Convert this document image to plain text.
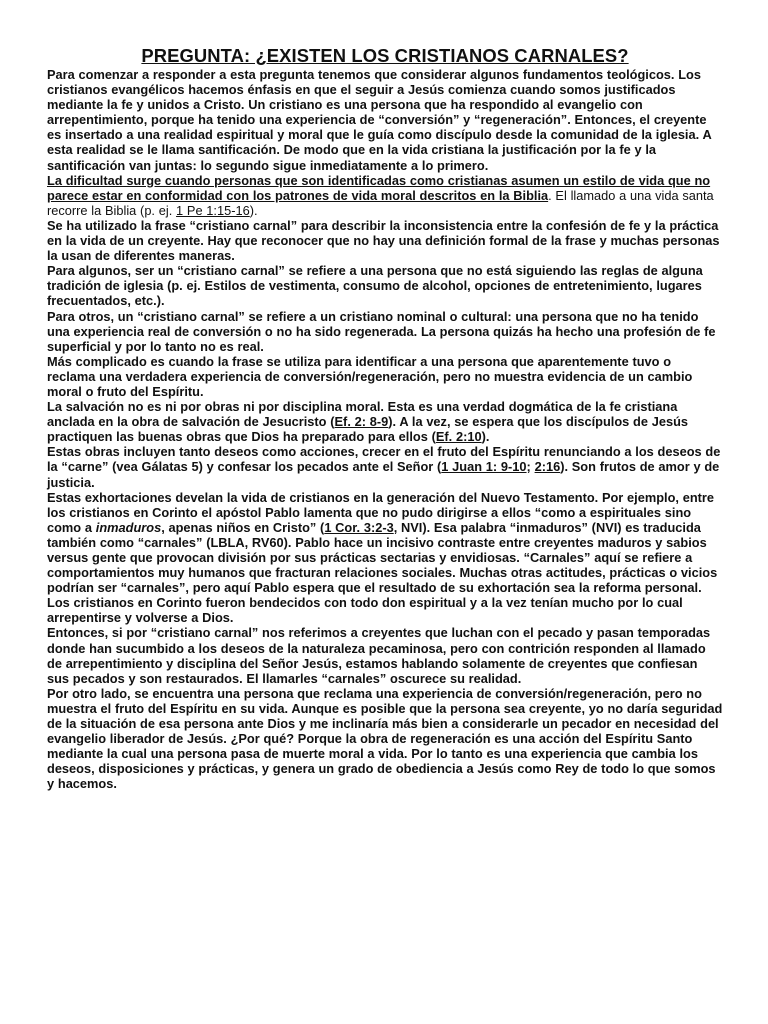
PREGUNTA: ¿EXISTEN LOS CRISTIANOS CARNALES?

Para comenzar a responder a esta pregunta tenemos que considerar algunos fundamentos teológicos. Los cristianos evangélicos hacemos énfasis en que el seguir a Jesús comienza cuando somos justificados mediante la fe y unidos a Cristo. Un cristiano es una persona que ha respondido al evangelio con arrepentimiento, porque ha tenido una experiencia de “conversión” y “regeneración”. Entonces, el creyente es insertado a una realidad espiritual y moral que le guía como discípulo desde la comunidad de la iglesia. A esta realidad se le llama santificación. De modo que en la vida cristiana la justificación por la fe y la santificación van juntas: lo segundo sigue inmediatamente a lo primero.

La dificultad surge cuando personas que son identificadas como cristianas asumen un estilo de vida que no parece estar en conformidad con los patrones de vida moral descritos en la Biblia. El llamado a una vida santa recorre la Biblia (p. ej. 1 Pe 1:15-16).

Se ha utilizado la frase “cristiano carnal” para describir la inconsistencia entre la confesión de fe y la práctica en la vida de un creyente. Hay que reconocer que no hay una definición formal de la frase y muchas personas la usan de diferentes maneras.

Para algunos, ser un “cristiano carnal” se refiere a una persona que no está siguiendo las reglas de alguna tradición de iglesia (p. ej. Estilos de vestimenta, consumo de alcohol, opciones de entretenimiento, lugares frecuentados, etc.).

Para otros, un “cristiano carnal” se refiere a un cristiano nominal o cultural: una persona que no ha tenido una experiencia real de conversión o no ha sido regenerada. La persona quizás ha hecho una profesión de fe superficial y por lo tanto no es real.

Más complicado es cuando la frase se utiliza para identificar a una persona que aparentemente tuvo o reclama una verdadera experiencia de conversión/regeneración, pero no muestra evidencia de un cambio moral o fruto del Espíritu.

La salvación no es ni por obras ni por disciplina moral. Esta es una verdad dogmática de la fe cristiana anclada en la obra de salvación de Jesucristo (Ef. 2: 8-9). A la vez, se espera que los discípulos de Jesús practiquen las buenas obras que Dios ha preparado para ellos (Ef. 2:10).

Estas obras incluyen tanto deseos como acciones, crecer en el fruto del Espíritu renunciando a los deseos de la “carne” (vea Gálatas 5) y confesar los pecados ante el Señor (1 Juan 1: 9-10; 2:16). Son frutos de amor y de justicia.

Estas exhortaciones develan la vida de cristianos en la generación del Nuevo Testamento. Por ejemplo, entre los cristianos en Corinto el apóstol Pablo lamenta que no pudo dirigirse a ellos “como a espirituales sino como a inmaduros, apenas niños en Cristo” (1 Cor. 3:2-3, NVI). Esa palabra “inmaduros” (NVI) es traducida también como “carnales” (LBLA, RV60). Pablo hace un incisivo contraste entre creyentes maduros y sabios versus gente que provocan división por sus prácticas sectarias y envidiosas. “Carnales” aquí se refiere a comportamientos muy humanos que fracturan relaciones sociales. Muchas otras actitudes, prácticas o vicios podrían ser “carnales”, pero aquí Pablo espera que el resultado de su exhortación sea la reforma personal. Los cristianos en Corinto fueron bendecidos con todo don espiritual y a la vez tenían mucho por lo cual arrepentirse y volverse a Dios.

Entonces, si por “cristiano carnal” nos referimos a creyentes que luchan con el pecado y pasan temporadas donde han sucumbido a los deseos de la naturaleza pecaminosa, pero con contrición responden al llamado de arrepentimiento y disciplina del Señor Jesús, estamos hablando solamente de creyentes que confiesan sus pecados y son restaurados. El llamarles “carnales” oscurece su realidad.

Por otro lado, se encuentra una persona que reclama una experiencia de conversión/regeneración, pero no muestra el fruto del Espíritu en su vida. Aunque es posible que la persona sea creyente, yo no daría seguridad de la situación de esa persona ante Dios y me inclinaría más bien a considerarle un pecador en necesidad del evangelio liberador de Jesús. ¿Por qué? Porque la obra de regeneración es una acción del Espíritu Santo mediante la cual una persona pasa de muerte moral a vida. Por lo tanto es una experiencia que cambia los deseos, disposiciones y prácticas, y genera un grado de obediencia a Jesús como Rey de todo lo que somos y hacemos.
